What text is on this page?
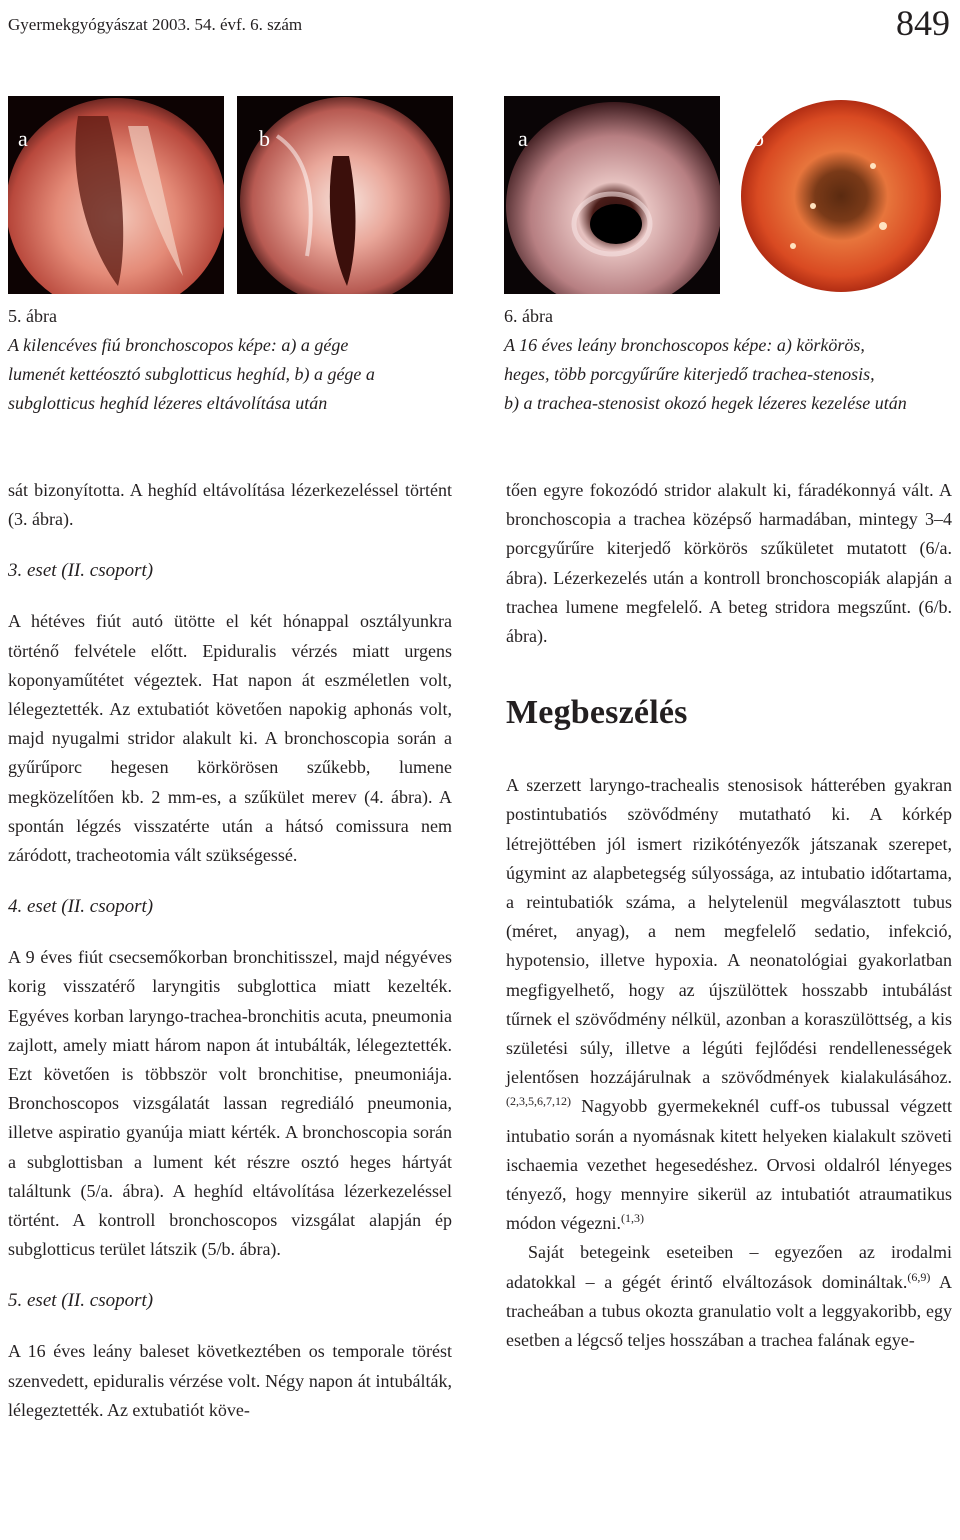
Gyermekgyógyászat 2003. 54. évf. 6. szám	849
a	b
5. ábra
A kilencéves fiú bronchoscopos képe: a) a gége
lumenét kettéosztó subglotticus heghíd, b) a gége a
subglotticus heghíd lézeres eltávolítása után
a	b
6. ábra
A 16 éves leány bronchoscopos képe: a) körkörös,
heges, több porcgyűrűre kiterjedő trachea-stenosis,
b) a trachea-stenosist okozó hegek lézeres kezelése után

sát bizonyította. A heghíd eltávolítása lézerkezeléssel történt (3. ábra).

3. eset (II. csoport)

A hétéves fiút autó ütötte el két hónappal osztályunkra történő felvétele előtt. Epiduralis vérzés miatt urgens koponyaműtétet végeztek. Hat napon át eszméletlen volt, lélegeztették. Az extubatiót követően napokig aphonás volt, majd nyugalmi stridor alakult ki. A bronchoscopia során a gyűrűporc hegesen körkörösen szűkebb, lumene megközelítően kb. 2 mm-es, a szűkület merev (4. ábra). A spontán légzés visszatérte után a hátsó comissura nem záródott, tracheotomia vált szükségessé.

4. eset (II. csoport)

A 9 éves fiút csecsemőkorban bronchitisszel, majd négyéves korig visszatérő laryngitis subglottica miatt kezelték. Egyéves korban laryngo-trachea-bronchitis acuta, pneumonia zajlott, amely miatt három napon át intubálták, lélegeztették. Ezt követően is többször volt bronchitise, pneumoniája. Bronchoscopos vizsgálatát lassan regrediáló pneumonia, illetve aspiratio gyanúja miatt kérték. A bronchoscopia során a subglottisban a lument két részre osztó heges hártyát találtunk (5/a. ábra). A heghíd eltávolítása lézerkezeléssel történt. A kontroll bronchoscopos vizsgálat alapján ép subglotticus terület látszik (5/b. ábra).

5. eset (II. csoport)

A 16 éves leány baleset következtében os temporale törést szenvedett, epiduralis vérzése volt. Négy napon át intubálták, lélegeztették. Az extubatiót köve-

tően egyre fokozódó stridor alakult ki, fáradékonnyá vált. A bronchoscopia a trachea középső harmadában, mintegy 3–4 porcgyűrűre kiterjedő körkörös szűkületet mutatott (6/a. ábra). Lézerkezelés után a kontroll bronchoscopiák alapján a trachea lumene megfelelő. A beteg stridora megszűnt. (6/b. ábra).

Megbeszélés

A szerzett laryngo-trachealis stenosisok hátterében gyakran postintubatiós szövődmény mutatható ki. A kórkép létrejöttében jól ismert rizikótényezők játszanak szerepet, úgymint az alapbetegség súlyossága, az intubatio időtartama, a reintubatiók száma, a helytelenül megválasztott tubus (méret, anyag), a nem megfelelő sedatio, infekció, hypotensio, illetve hypoxia. A neonatológiai gyakorlatban megfigyelhető, hogy az újszülöttek hosszabb intubálást tűrnek el szövődmény nélkül, azonban a koraszülöttség, a kis születési súly, illetve a légúti fejlődési rendellenességek jelentősen hozzájárulnak a szövődmények kialakulásához.$^{(2,3,5,6,7,12)}$ Nagyobb gyermekeknél cuff-os tubussal végzett intubatio során a nyomásnak kitett helyeken kialakult szöveti ischaemia vezethet hegesedéshez. Orvosi oldalról lényeges tényező, hogy mennyire sikerül az intubatiót atraumatikus módon végezni.$^{(1,3)}$

Saját betegeink eseteiben – egyezően az irodalmi adatokkal – a gégét érintő elváltozások domináltak.$^{(6,9)}$ A tracheában a tubus okozta granulatio volt a leggyakoribb, egy esetben a légcső teljes hosszában a trachea falának egye-
